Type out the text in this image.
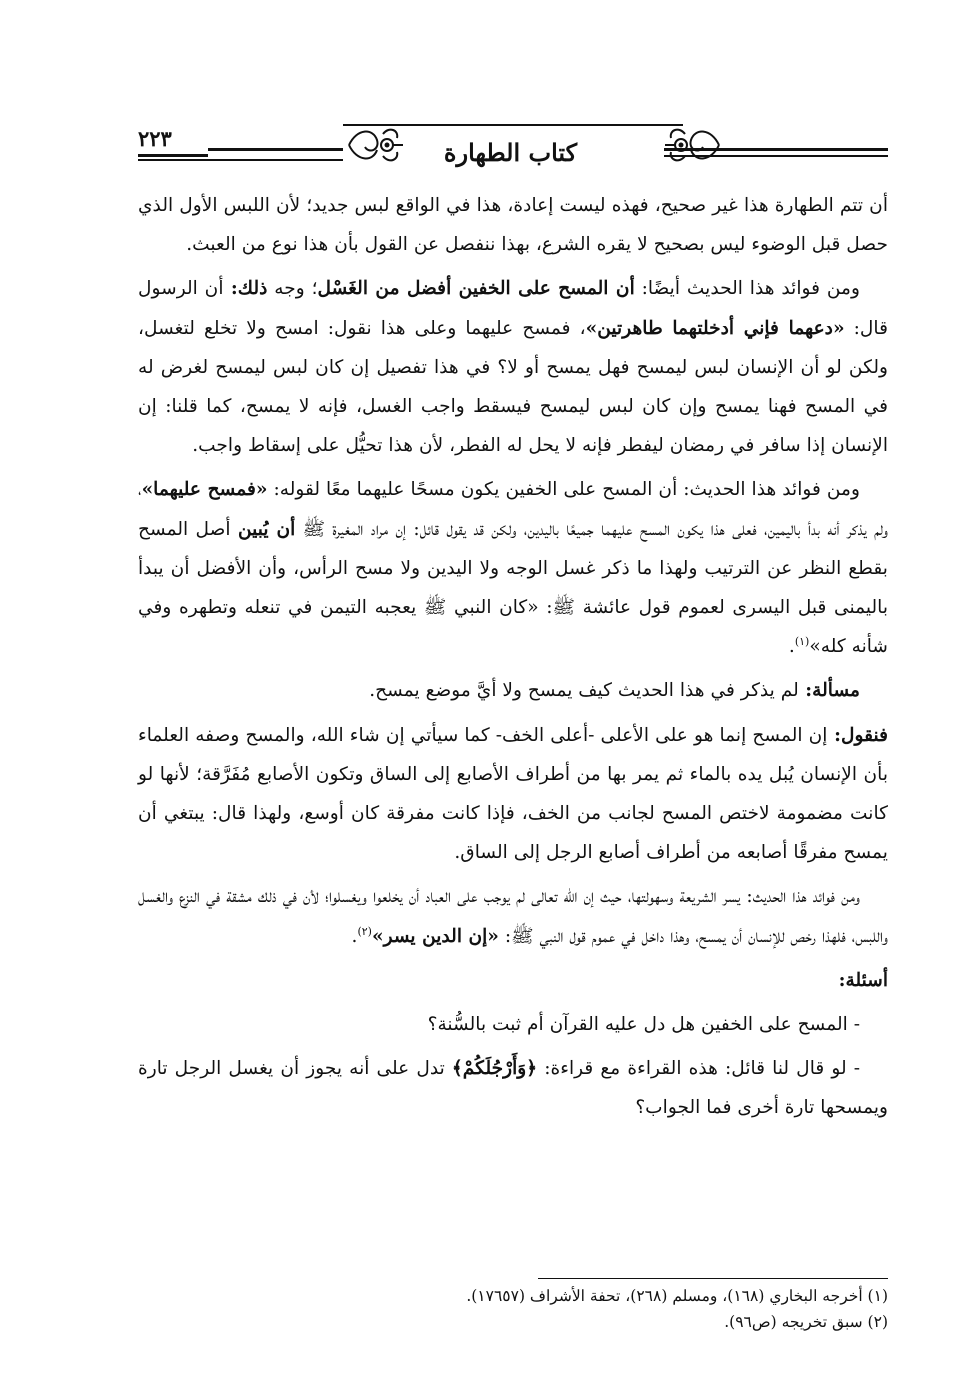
٢٢٣	كتاب الطهارة

أن تتم الطهارة هذا غير صحيح، فهذه ليست إعادة، هذا في الواقع لبس جديد؛ لأن اللبس الأول الذي حصل قبل الوضوء ليس بصحيح لا يقره الشرع، بهذا ننفصل عن القول بأن هذا نوع من العبث.

ومن فوائد هذا الحديث أيضًا: أن المسح على الخفين أفضل من الغَسْل؛ وجه ذلك: أن الرسول قال: «دعهما فإني أدخلتهما طاهرتين»، فمسح عليهما وعلى هذا نقول: امسح ولا تخلع لتغسل، ولكن لو أن الإنسان لبس ليمسح فهل يمسح أو لا؟ في هذا تفصيل إن كان لبس ليمسح لغرض له في المسح فهنا يمسح وإن كان لبس ليمسح فيسقط واجب الغسل، فإنه لا يمسح، كما قلنا: إن الإنسان إذا سافر في رمضان ليفطر فإنه لا يحل له الفطر، لأن هذا تحيُّل على إسقاط واجب.

ومن فوائد هذا الحديث: أن المسح على الخفين يكون مسحًا عليهما معًا لقوله: «فمسح عليهما»، ولم يذكر أنه بدأ باليمين، فعلى هذا يكون المسح عليهما جميعًا باليدين، ولكن قد يقول قائل: إن مراد المغيرة ﷺ أن يُبين أصل المسح بقطع النظر عن الترتيب ولهذا ما ذكر غسل الوجه ولا اليدين ولا مسح الرأس، وأن الأفضل أن يبدأ باليمنى قبل اليسرى لعموم قول عائشة ﷺ: «كان النبي ﷺ يعجبه التيمن في تنعله وتطهره وفي شأنه كله»$^{(١)}$.

مسألة: لم يذكر في هذا الحديث كيف يمسح ولا أيَّ موضع يمسح.

فنقول: إن المسح إنما هو على الأعلى -أعلى الخف- كما سيأتي إن شاء الله، والمسح وصفه العلماء بأن الإنسان يُبل يده بالماء ثم يمر بها من أطراف الأصابع إلى الساق وتكون الأصابع مُفَرَّقة؛ لأنها لو كانت مضمومة لاختص المسح لجانب من الخف، فإذا كانت مفرقة كان أوسع، ولهذا قال: يبتغي أن يمسح مفرقًا أصابعه من أطراف أصابع الرجل إلى الساق.

ومن فوائد هذا الحديث: يسر الشريعة وسهولتها، حيث إن الله تعالى لم يوجب على العباد أن يخلعوا ويغسلوا؛ لأن في ذلك مشقة في النزع والغسل واللبس، فلهذا رخص للإنسان أن يمسح، وهذا داخل في عموم قول النبي ﷺ: «إن الدين يسر»$^{(٢)}$.

أسئلة:

- المسح على الخفين هل دل عليه القرآن أم ثبت بالسُّنة؟

- لو قال لنا قائل: هذه القراءة مع قراءة: ﴿وَأَرْجُلَكُمْ﴾ تدل على أنه يجوز أن يغسل الرجل تارة ويمسحها تارة أخرى فما الجواب؟

(١) أخرجه البخاري (١٦٨)، ومسلم (٢٦٨)، تحفة الأشراف (١٧٦٥٧).
(٢) سبق تخريجه (ص٩٦).
